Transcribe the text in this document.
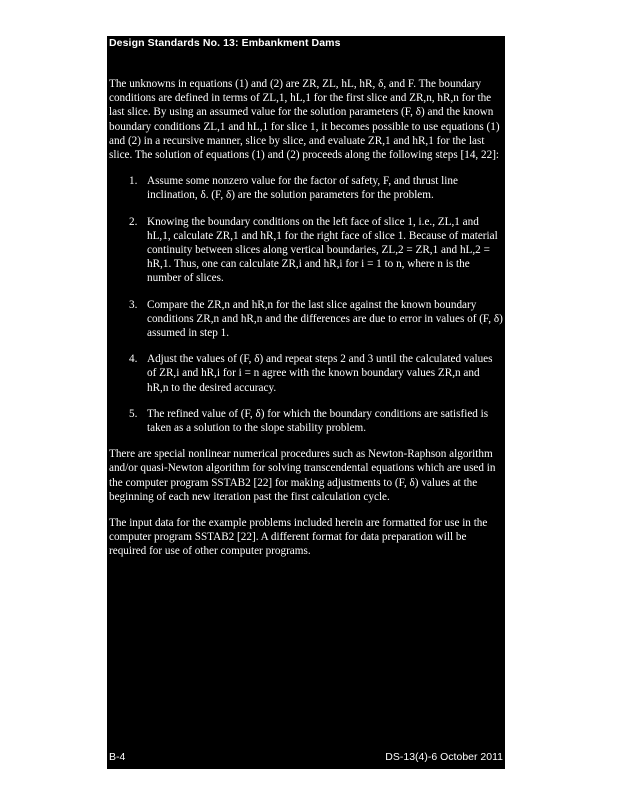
Design Standards No. 13: Embankment Dams

The unknowns in equations (1) and (2) are ZR, ZL, hL, hR, δ, and F. The boundary conditions are defined in terms of ZL,1, hL,1 for the first slice and ZR,n, hR,n for the last slice. By using an assumed value for the solution parameters (F, δ) and the known boundary conditions ZL,1 and hL,1 for slice 1, it becomes possible to use equations (1) and (2) in a recursive manner, slice by slice, and evaluate ZR,1 and hR,1 for the last slice. The solution of equations (1) and (2) proceeds along the following steps [14, 22]:

1. Assume some nonzero value for the factor of safety, F, and thrust line inclination, δ. (F, δ) are the solution parameters for the problem.
2. Knowing the boundary conditions on the left face of slice 1, i.e., ZL,1 and hL,1, calculate ZR,1 and hR,1 for the right face of slice 1. Because of material continuity between slices along vertical boundaries, ZL,2 = ZR,1 and hL,2 = hR,1. Thus, one can calculate ZR,i and hR,i for i = 1 to n, where n is the number of slices.
3. Compare the ZR,n and hR,n for the last slice against the known boundary conditions ZR,n and hR,n and the differences are due to error in values of (F, δ) assumed in step 1.
4. Adjust the values of (F, δ) and repeat steps 2 and 3 until the calculated values of ZR,i and hR,i for i = n agree with the known boundary values ZR,n and hR,n to the desired accuracy.
5. The refined value of (F, δ) for which the boundary conditions are satisfied is taken as a solution to the slope stability problem.

There are special nonlinear numerical procedures such as Newton-Raphson algorithm and/or quasi-Newton algorithm for solving transcendental equations which are used in the computer program SSTAB2 [22] for making adjustments to (F, δ) values at the beginning of each new iteration past the first calculation cycle.

The input data for the example problems included herein are formatted for use in the computer program SSTAB2 [22]. A different format for data preparation will be required for use of other computer programs.

B-4	DS-13(4)-6 October 2011
